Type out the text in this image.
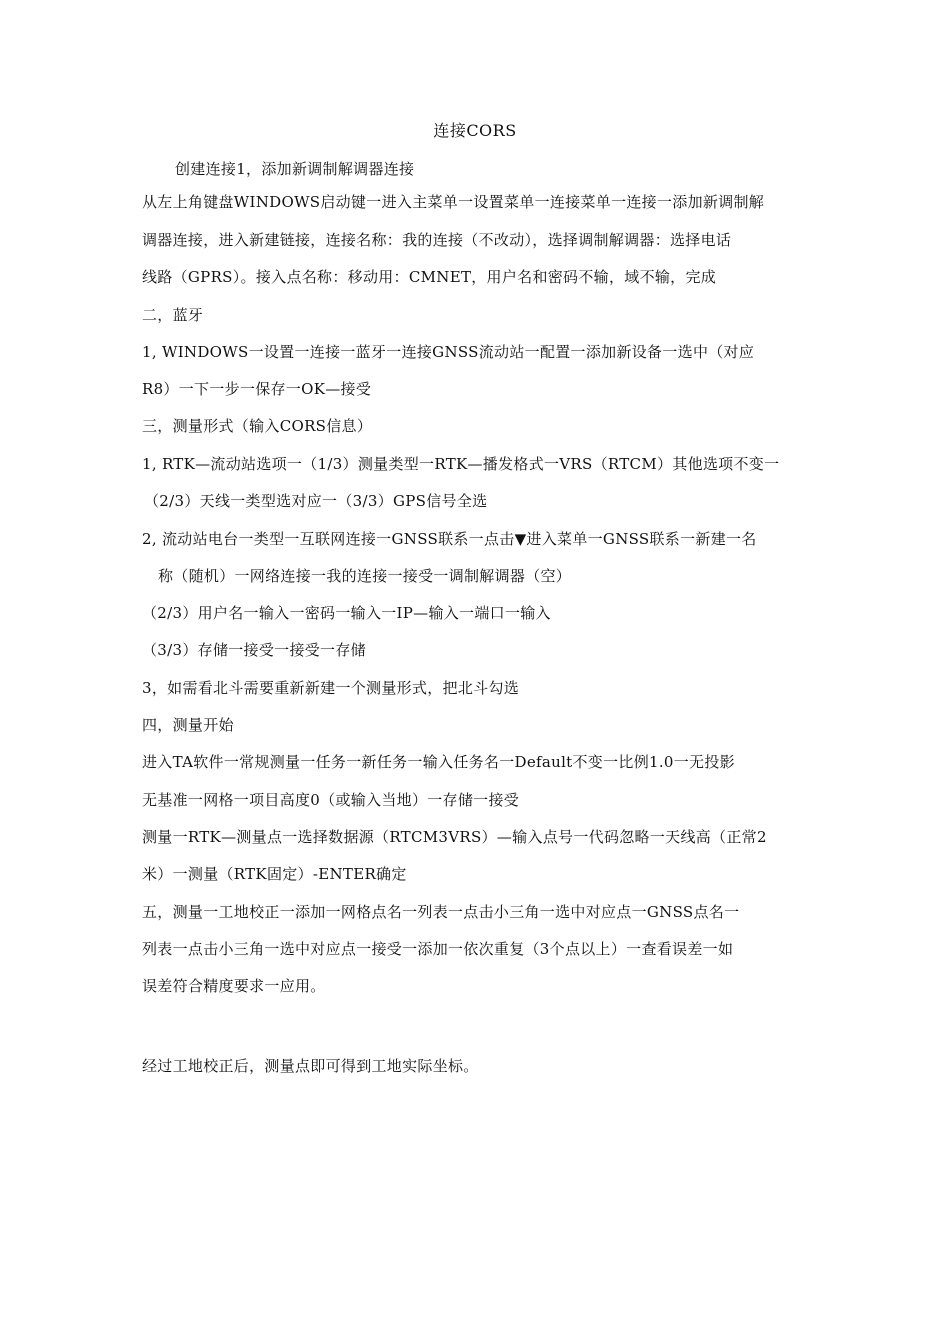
连接CORS
创建连接1，添加新调制解调器连接
从左上角键盘WINDOWS启动键一进入主菜单一设置菜单一连接菜单一连接一添加新调制解
调器连接，进入新建链接，连接名称：我的连接（不改动），选择调制解调器：选择电话
线路（GPRS）。接入点名称：移动用：CMNET，用户名和密码不输，域不输，完成
二，蓝牙
1, WINDOWS一设置一连接一蓝牙一连接GNSS流动站一配置一添加新设备一选中（对应
R8）一下一步一保存一OK—接受
三，测量形式（输入CORS信息）
1, RTK—流动站选项一（1/3）测量类型一RTK—播发格式一VRS（RTCM）其他选项不变一
（2/3）天线一类型选对应一（3/3）GPS信号全选
2, 流动站电台一类型一互联网连接一GNSS联系一点击▼进入菜单一GNSS联系一新建一名
称（随机）一网络连接一我的连接一接受一调制解调器（空）
（2/3）用户名一输入一密码一输入一IP—输入一端口一输入
（3/3）存储一接受一接受一存储
3，如需看北斗需要重新新建一个测量形式，把北斗勾选
四，测量开始
进入TA软件一常规测量一任务一新任务一输入任务名一Default不变一比例1.0一无投影
无基准一网格一项目高度0（或输入当地）一存储一接受
测量一RTK—测量点一选择数据源（RTCM3VRS）—输入点号一代码忽略一天线高（正常2
米）一测量（RTK固定）-ENTER确定
五，测量一工地校正一添加一网格点名一列表一点击小三角一选中对应点一GNSS点名一
列表一点击小三角一选中对应点一接受一添加一依次重复（3个点以上）一查看误差一如
误差符合精度要求一应用。
经过工地校正后，测量点即可得到工地实际坐标。
